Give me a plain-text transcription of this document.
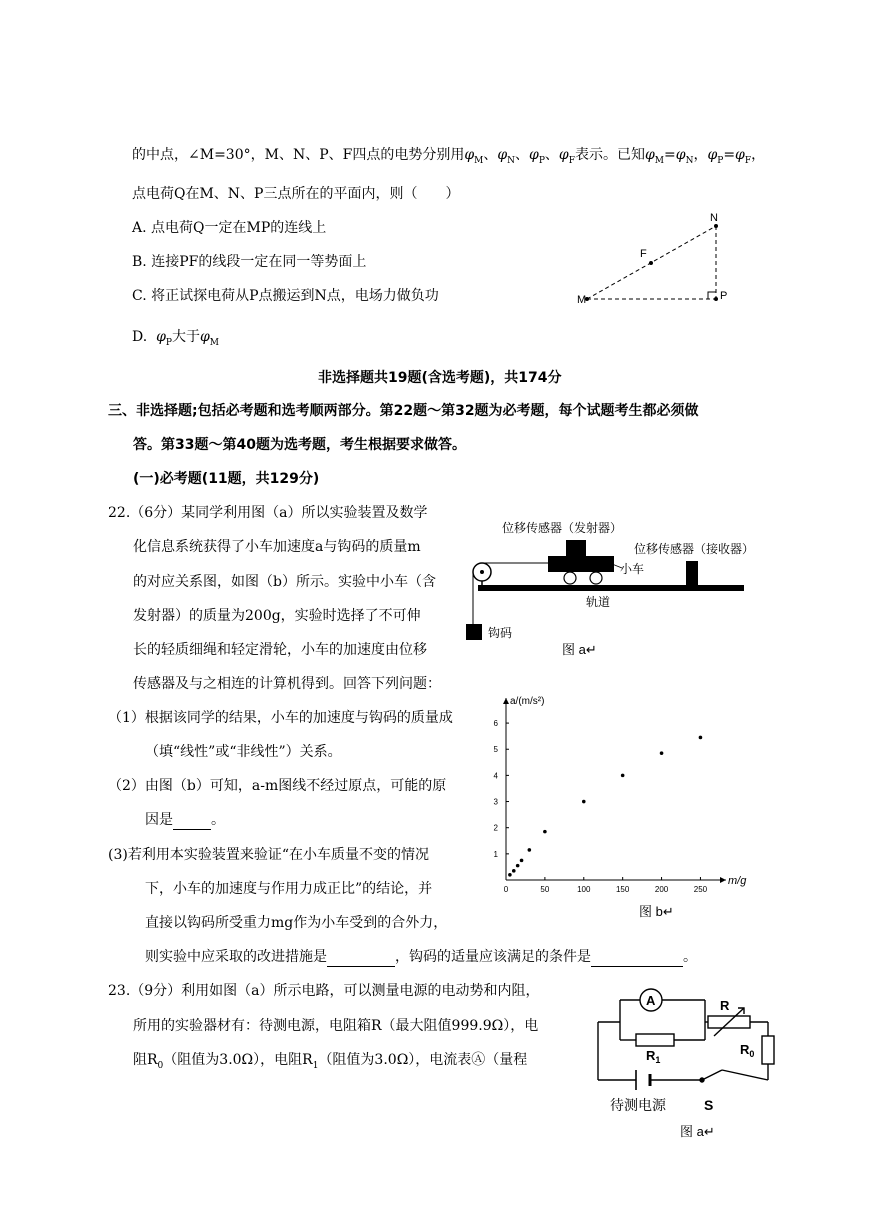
的中点，∠M=30°，M、N、P、F四点的电势分别用$\varphi_M$、$\varphi_N$、$\varphi_P$、$\varphi_F$表示。已知$\varphi_M=\varphi_N$，$\varphi_P=\varphi_F$，
点电荷Q在M、N、P三点所在的平面内，则（　　）
A. 点电荷Q一定在MP的连线上
B. 连接PF的线段一定在同一等势面上
C. 将正试探电荷从P点搬运到N点，电场力做负功
D. $\varphi_P$大于$\varphi_M$
N
F
M	P
非选择题共19题(含选考题)，共174分
三、非选择题;包括必考题和选考顺两部分。第22题～第32题为必考题，每个试题考生都必须做
答。第33题～第40题为选考题，考生根据要求做答。
(一)必考题(11题，共129分)
22.（6分）某同学利用图（a）所以实验装置及数学
化信息系统获得了小车加速度a与钩码的质量m
的对应关系图，如图（b）所示。实验中小车（含
发射器）的质量为200g，实验时选择了不可伸
长的轻质细绳和轻定滑轮，小车的加速度由位移
传感器及与之相连的计算机得到。回答下列问题：
位移传感器（发射器）
位移传感器（接收器）
小车
轨道
钩码
图 a↵
（1）根据该同学的结果，小车的加速度与钩码的质量成
（填“线性”或“非线性”）关系。
（2）由图（b）可知，a-m图线不经过原点，可能的原
因是	。
(3)若利用本实验装置来验证“在小车质量不变的情况
下，小车的加速度与作用力成正比”的结论，并
直接以钩码所受重力mg作为小车受到的合外力，
则实验中应采取的改进措施是	，钩码的适量应该满足的条件是	。
0	50	100	150	200	250
1
2
3
4
5
6
a/(m/s²)
m/g
图 b↵
23.（9分）利用如图（a）所示电路，可以测量电源的电动势和内阻，
所用的实验器材有：待测电源，电阻箱R（最大阻值999.9Ω），电
阻$R_0$（阻值为3.0Ω），电阻$R_1$（阻值为3.0Ω），电流表Ⓐ（量程
A
$R_1$
R
$R_0$
待测电源	S
图 a↵
